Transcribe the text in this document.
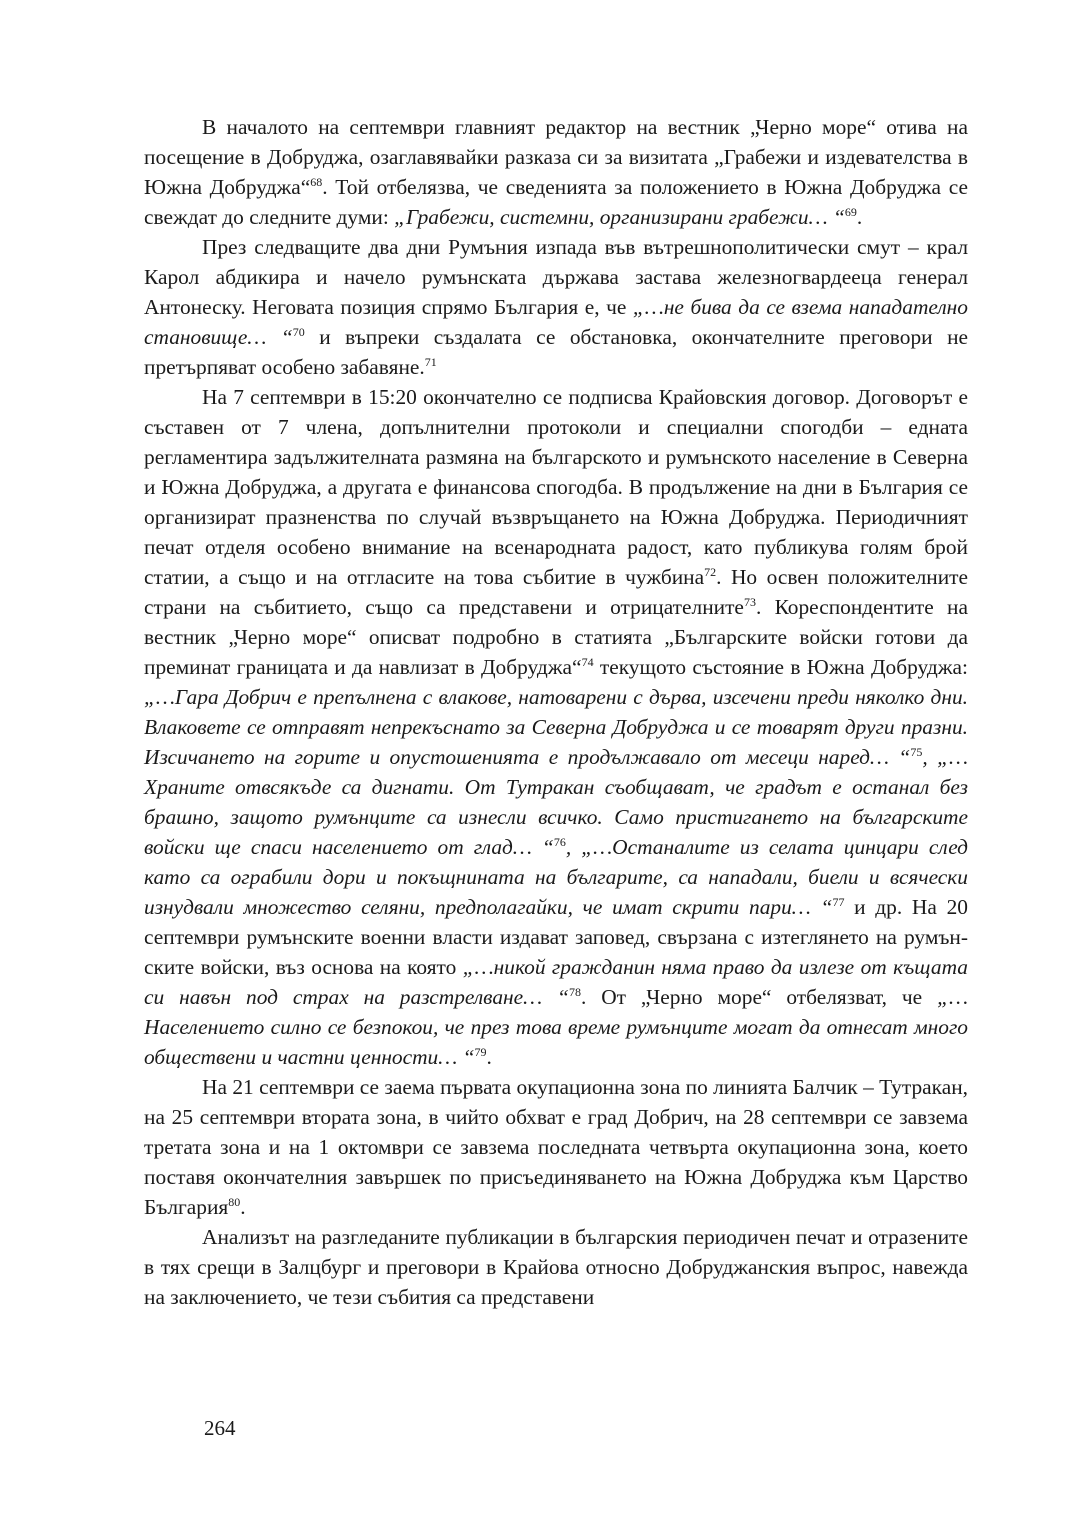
В началото на септември главният редактор на вестник „Черно море“ отива на посещение в Добруджа, озаглавявайки разказа си за визитата „Грабежи и издевателства в Южна Добруджа“$^{68}$. Той отбелязва, че сведенията за положението в Южна Добруджа се свеждат до следните думи: „Грабежи, системни, организирани грабежи… “$^{69}$.

През следващите два дни Румъния изпада във вътрешнополитически смут – крал Карол абдикира и начело румънската държава застава железногвардееца генерал Антонеску. Неговата позиция спрямо България е, че „…не бива да се взема нападателно становище… “$^{70}$ и въпреки създалата се обстановка, окончателните преговори не претърпяват особено забавяне.$^{71}$

На 7 септември в 15:20 окончателно се подписва Крайовския договор. Договорът е съставен от 7 члена, допълнителни протоколи и специални спогодби – едната регламентира задължителната размяна на българското и румънското население в Северна и Южна Добруджа, а другата е финансова спогодба. В продължение на дни в България се организират празненства по случай възвръщането на Южна Добруджа. Периодичният печат отделя особено внимание на всенародната радост, като публикува голям брой статии, а също и на отгласите на това събитие в чужбина$^{72}$. Но освен положителните страни на събитието, също са представени и отрицателните$^{73}$. Кореспондентите на вестник „Черно море“ описват подробно в статията „Българските войски готови да преминат границата и да навлизат в Добруджа“$^{74}$ текущото състояние в Южна Добруджа: „…Гара Добрич е препълнена с влакове, натоварени с дърва, изсечени преди няколко дни. Влаковете се отправят непрекъснато за Северна Добруджа и се товарят други празни. Изсичането на горите и опустошенията е продължавало от месеци наред… “$^{75}$, „…Храните отвсякъде са дигнати. От Тутракан съобщават, че градът е останал без брашно, защото румънците са изнесли всичко. Само пристигането на българските войски ще спаси населението от глад… “$^{76}$, „…Останалите из селата цинцари след като са ограбили дори и покъщнината на българите, са нападали, биели и всячески изнудвали множество селяни, предполагайки, че имат скрити пари… “$^{77}$ и др. На 20 септември румънските военни власти издават заповед, свързана с изтеглянето на румънските войски, въз основа на която „…никой гражданин няма право да излезе от къщата си навън под страх на разстрелване… “$^{78}$. От „Черно море“ отбелязват, че „…Населението силно се безпокои, че през това време румънците могат да отнесат много обществени и частни ценности… “$^{79}$.

На 21 септември се заема първата окупационна зона по линията Балчик – Тутракан, на 25 септември втората зона, в чийто обхват е град Добрич, на 28 септември се завзема третата зона и на 1 октомври се завзема последната четвърта окупационна зона, което поставя окончателния завършек по присъединяването на Южна Добруджа към Царство България$^{80}$.

Анализът на разгледаните публикации в българския периодичен печат и отразените в тях срещи в Залцбург и преговори в Крайова относно Добруджанския въпрос, навежда на заключението, че тези събития са представени

264
